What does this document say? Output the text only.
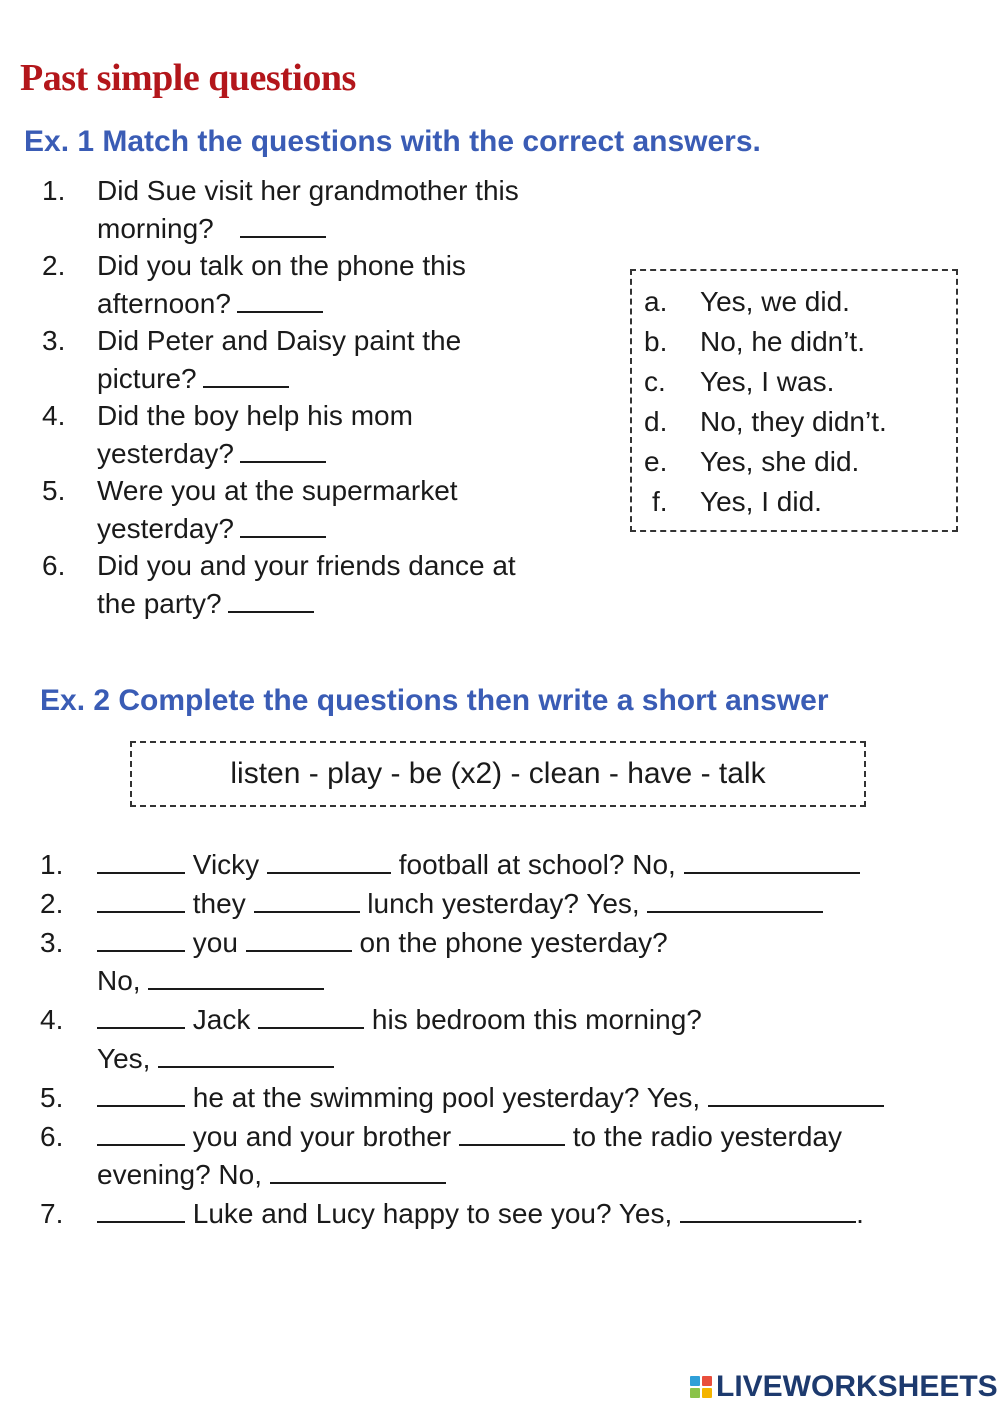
Past simple questions
Ex. 1 Match the questions with the correct answers.
1.	Did Sue visit her grandmother this
morning?
2.	Did you talk on the phone this
afternoon?
3.	Did Peter and Daisy paint the
picture?
4.	Did the boy help his mom
yesterday?
5.	Were you at the supermarket
yesterday?
6.	Did you and your friends dance at
the party?
a. Yes, we did.
b. No, he didn’t.
c. Yes, I was.
d. No, they didn’t.
e. Yes, she did.
f. Yes, I did.
Ex. 2 Complete the questions then write a short answer
listen - play - be (x2) - clean - have - talk
1.	Vicky	football at school? No,
2.	they	lunch yesterday? Yes,
3.	you	on the phone yesterday?
No,
4.	Jack	his bedroom this morning?
Yes,
5.	he at the swimming pool yesterday? Yes,
6.	you and your brother	to the radio yesterday
evening? No,
7.	Luke and Lucy happy to see you? Yes,	.
LIVEWORKSHEETS
